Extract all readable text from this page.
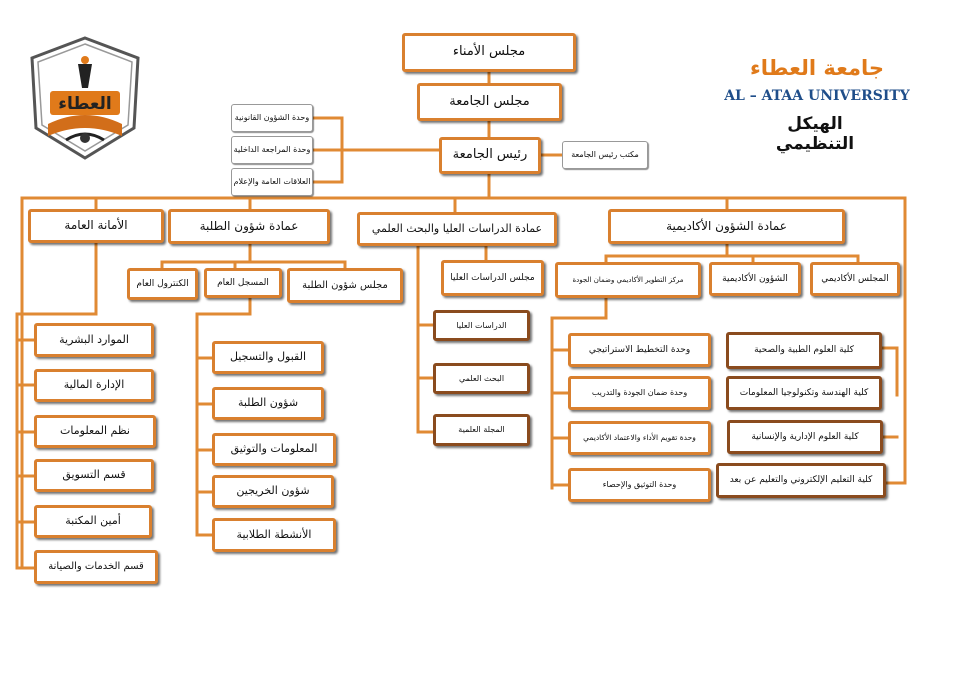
العطاء
جامعة العطاء
AL – ATAA UNIVERSITY
الهيكل التنظيمي
مجلس الأمناء
مجلس الجامعة
رئيس الجامعة	مكتب رئيس الجامعة
وحدة الشؤون القانونية
وحدة المراجعة الداخلية
العلاقات العامة والإعلام
عمادة الشؤون الأكاديمية
عمادة الدراسات العليا والبحث العلمي
عمادة شؤون الطلبة
الأمانة العامة
المجلس الأكاديمي
الشؤون الأكاديمية
مركز التطوير الأكاديمي وضمان الجودة
كلية العلوم الطبية والصحية
كلية الهندسة وتكنولوجيا المعلومات
كلية العلوم الإدارية والإنسانية
كلية التعليم الإلكتروني والتعليم عن بعد
وحدة التخطيط الاستراتيجي
وحدة ضمان الجودة والتدريب
وحدة تقويم الأداء والاعتماد الأكاديمي
وحدة التوثيق والإحصاء
مجلس الدراسات العليا
الدراسات العليا
البحث العلمي
المجلة العلمية
مجلس شؤون الطلبة
المسجل العام
الكنترول العام
القبول والتسجيل
شؤون الطلبة
المعلومات والتوثيق
شؤون الخريجين
الأنشطة الطلابية
الموارد البشرية
الإدارة المالية
نظم المعلومات
قسم التسويق
أمين المكتبة
قسم الخدمات والصيانة
